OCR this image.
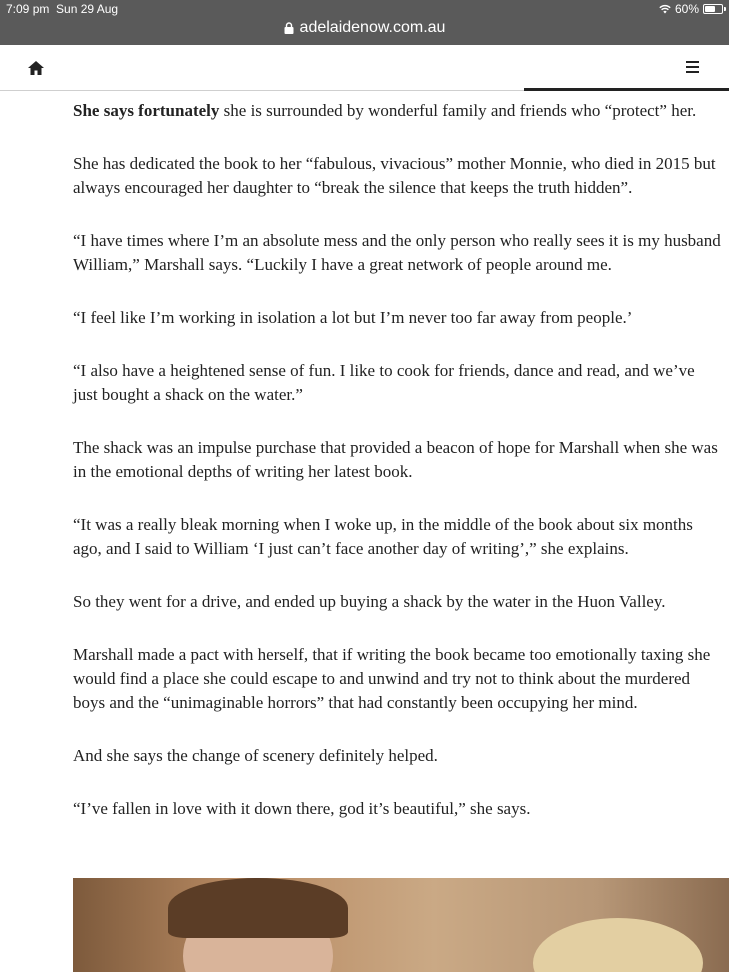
7:09 pm Sun 29 Aug	60%
adelaidenow.com.au

She says fortunately she is surrounded by wonderful family and friends who “protect” her.

She has dedicated the book to her “fabulous, vivacious” mother Monnie, who died in 2015 but always encouraged her daughter to “break the silence that keeps the truth hidden”.

“I have times where I’m an absolute mess and the only person who really sees it is my husband William,” Marshall says. “Luckily I have a great network of people around me.

“I feel like I’m working in isolation a lot but I’m never too far away from people.’

“I also have a heightened sense of fun. I like to cook for friends, dance and read, and we’ve just bought a shack on the water.”

The shack was an impulse purchase that provided a beacon of hope for Marshall when she was in the emotional depths of writing her latest book.

“It was a really bleak morning when I woke up, in the middle of the book about six months ago, and I said to William ‘I just can’t face another day of writing’,” she explains.

So they went for a drive, and ended up buying a shack by the water in the Huon Valley.

Marshall made a pact with herself, that if writing the book became too emotionally taxing she would find a place she could escape to and unwind and try not to think about the murdered boys and the “unimaginable horrors” that had constantly been occupying her mind.

And she says the change of scenery definitely helped.

“I’ve fallen in love with it down there, god it’s beautiful,” she says.
